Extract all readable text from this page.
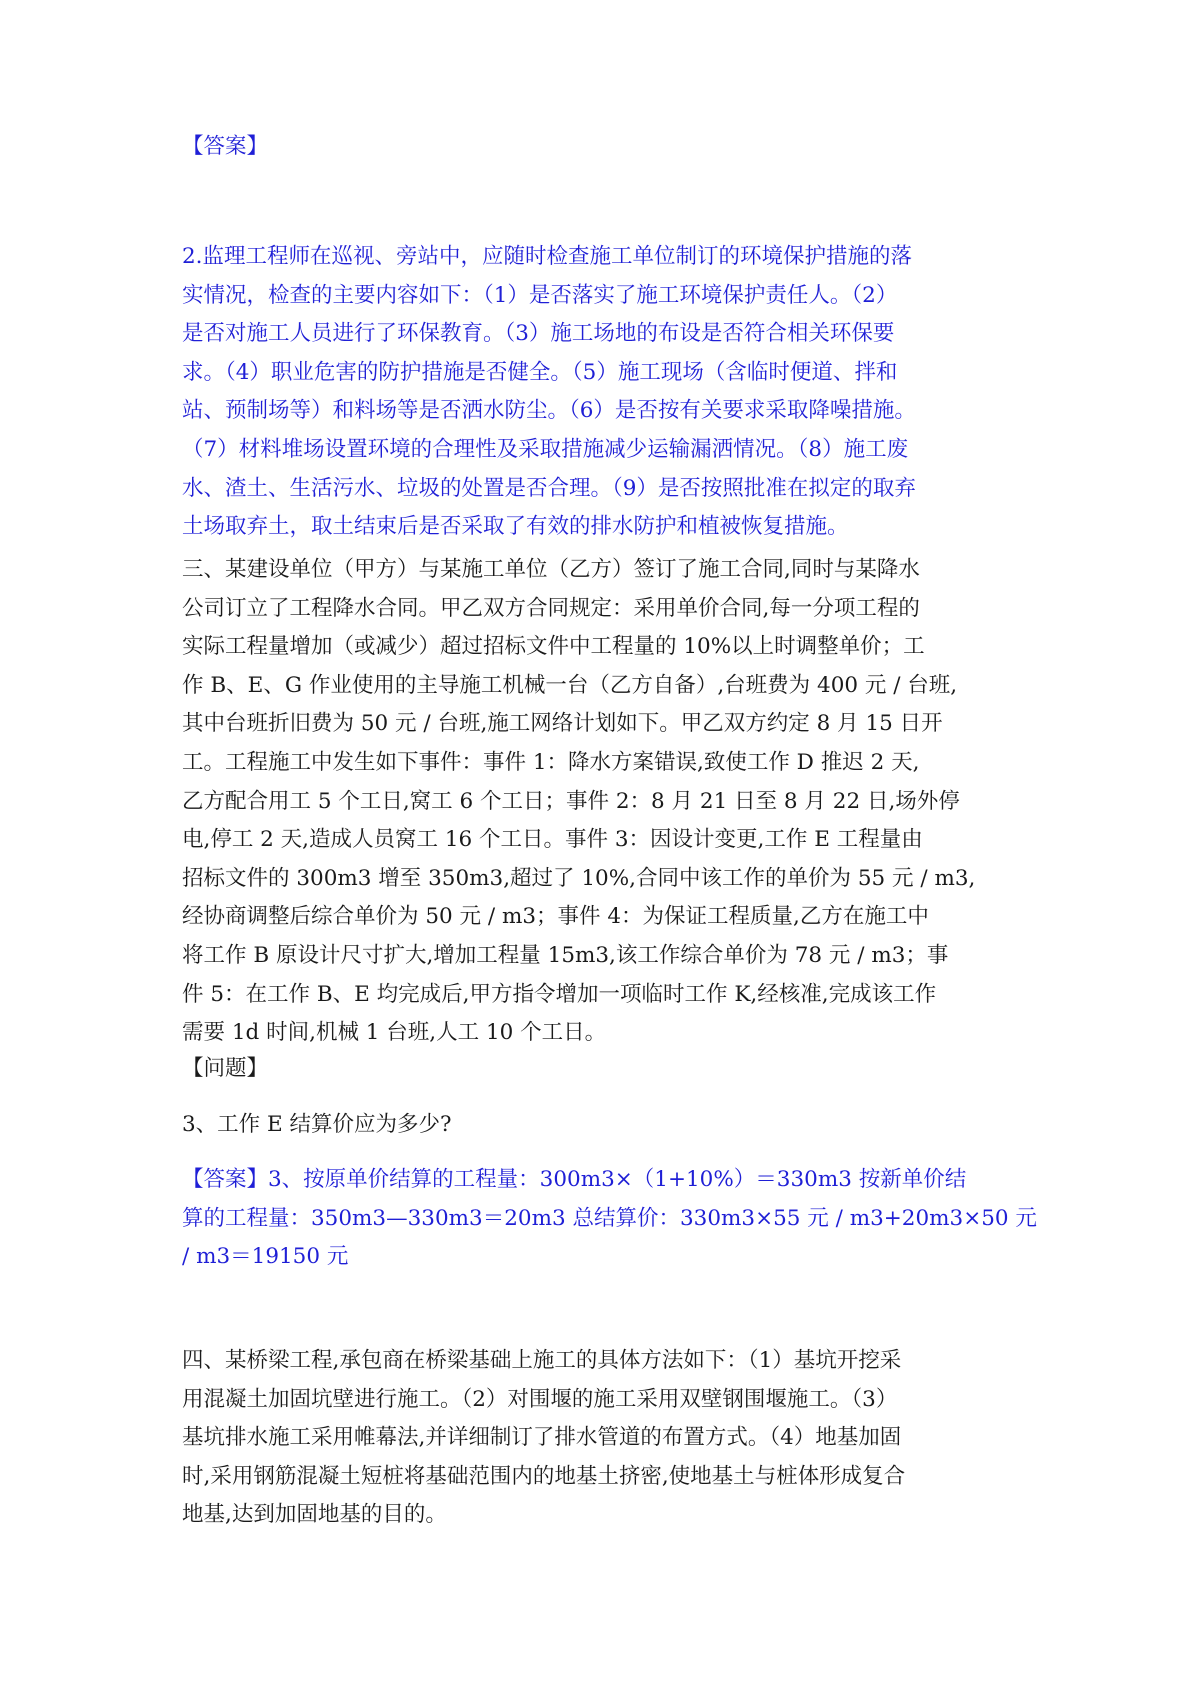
【答案】

2.监理工程师在巡视、旁站中，应随时检查施工单位制订的环境保护措施的落
实情况，检查的主要内容如下：（1）是否落实了施工环境保护责任人。（2）
是否对施工人员进行了环保教育。（3）施工场地的布设是否符合相关环保要
求。（4）职业危害的防护措施是否健全。（5）施工现场（含临时便道、拌和
站、预制场等）和料场等是否洒水防尘。（6）是否按有关要求采取降噪措施。
（7）材料堆场设置环境的合理性及采取措施减少运输漏洒情况。（8）施工废
水、渣土、生活污水、垃圾的处置是否合理。（9）是否按照批准在拟定的取弃
土场取弃土，取土结束后是否采取了有效的排水防护和植被恢复措施。
三、某建设单位（甲方）与某施工单位（乙方）签订了施工合同,同时与某降水
公司订立了工程降水合同。甲乙双方合同规定：采用单价合同,每一分项工程的
实际工程量增加（或减少）超过招标文件中工程量的 10%以上时调整单价；工
作 B、E、G 作业使用的主导施工机械一台（乙方自备）,台班费为 400 元 / 台班,
其中台班折旧费为 50 元 / 台班,施工网络计划如下。甲乙双方约定 8 月 15 日开
工。工程施工中发生如下事件：事件 1：降水方案错误,致使工作 D 推迟 2 天,
乙方配合用工 5 个工日,窝工 6 个工日；事件 2：8 月 21 日至 8 月 22 日,场外停
电,停工 2 天,造成人员窝工 16 个工日。事件 3：因设计变更,工作 E 工程量由
招标文件的 300m3 增至 350m3,超过了 10%,合同中该工作的单价为 55 元 / m3,
经协商调整后综合单价为 50 元 / m3；事件 4：为保证工程质量,乙方在施工中
将工作 B 原设计尺寸扩大,增加工程量 15m3,该工作综合单价为 78 元 / m3；事
件 5：在工作 B、E 均完成后,甲方指令增加一项临时工作 K,经核准,完成该工作
需要 1d 时间,机械 1 台班,人工 10 个工日。

【问题】

3、工作 E 结算价应为多少?

【答案】3、按原单价结算的工程量：300m3×（1+10%）＝330m3 按新单价结
算的工程量：350m3—330m3＝20m3 总结算价：330m3×55 元 / m3+20m3×50 元
/ m3＝19150 元
四、某桥梁工程,承包商在桥梁基础上施工的具体方法如下：（1）基坑开挖采
用混凝土加固坑壁进行施工。（2）对围堰的施工采用双壁钢围堰施工。（3）
基坑排水施工采用帷幕法,并详细制订了排水管道的布置方式。（4）地基加固
时,采用钢筋混凝土短桩将基础范围内的地基土挤密,使地基土与桩体形成复合
地基,达到加固地基的目的。
